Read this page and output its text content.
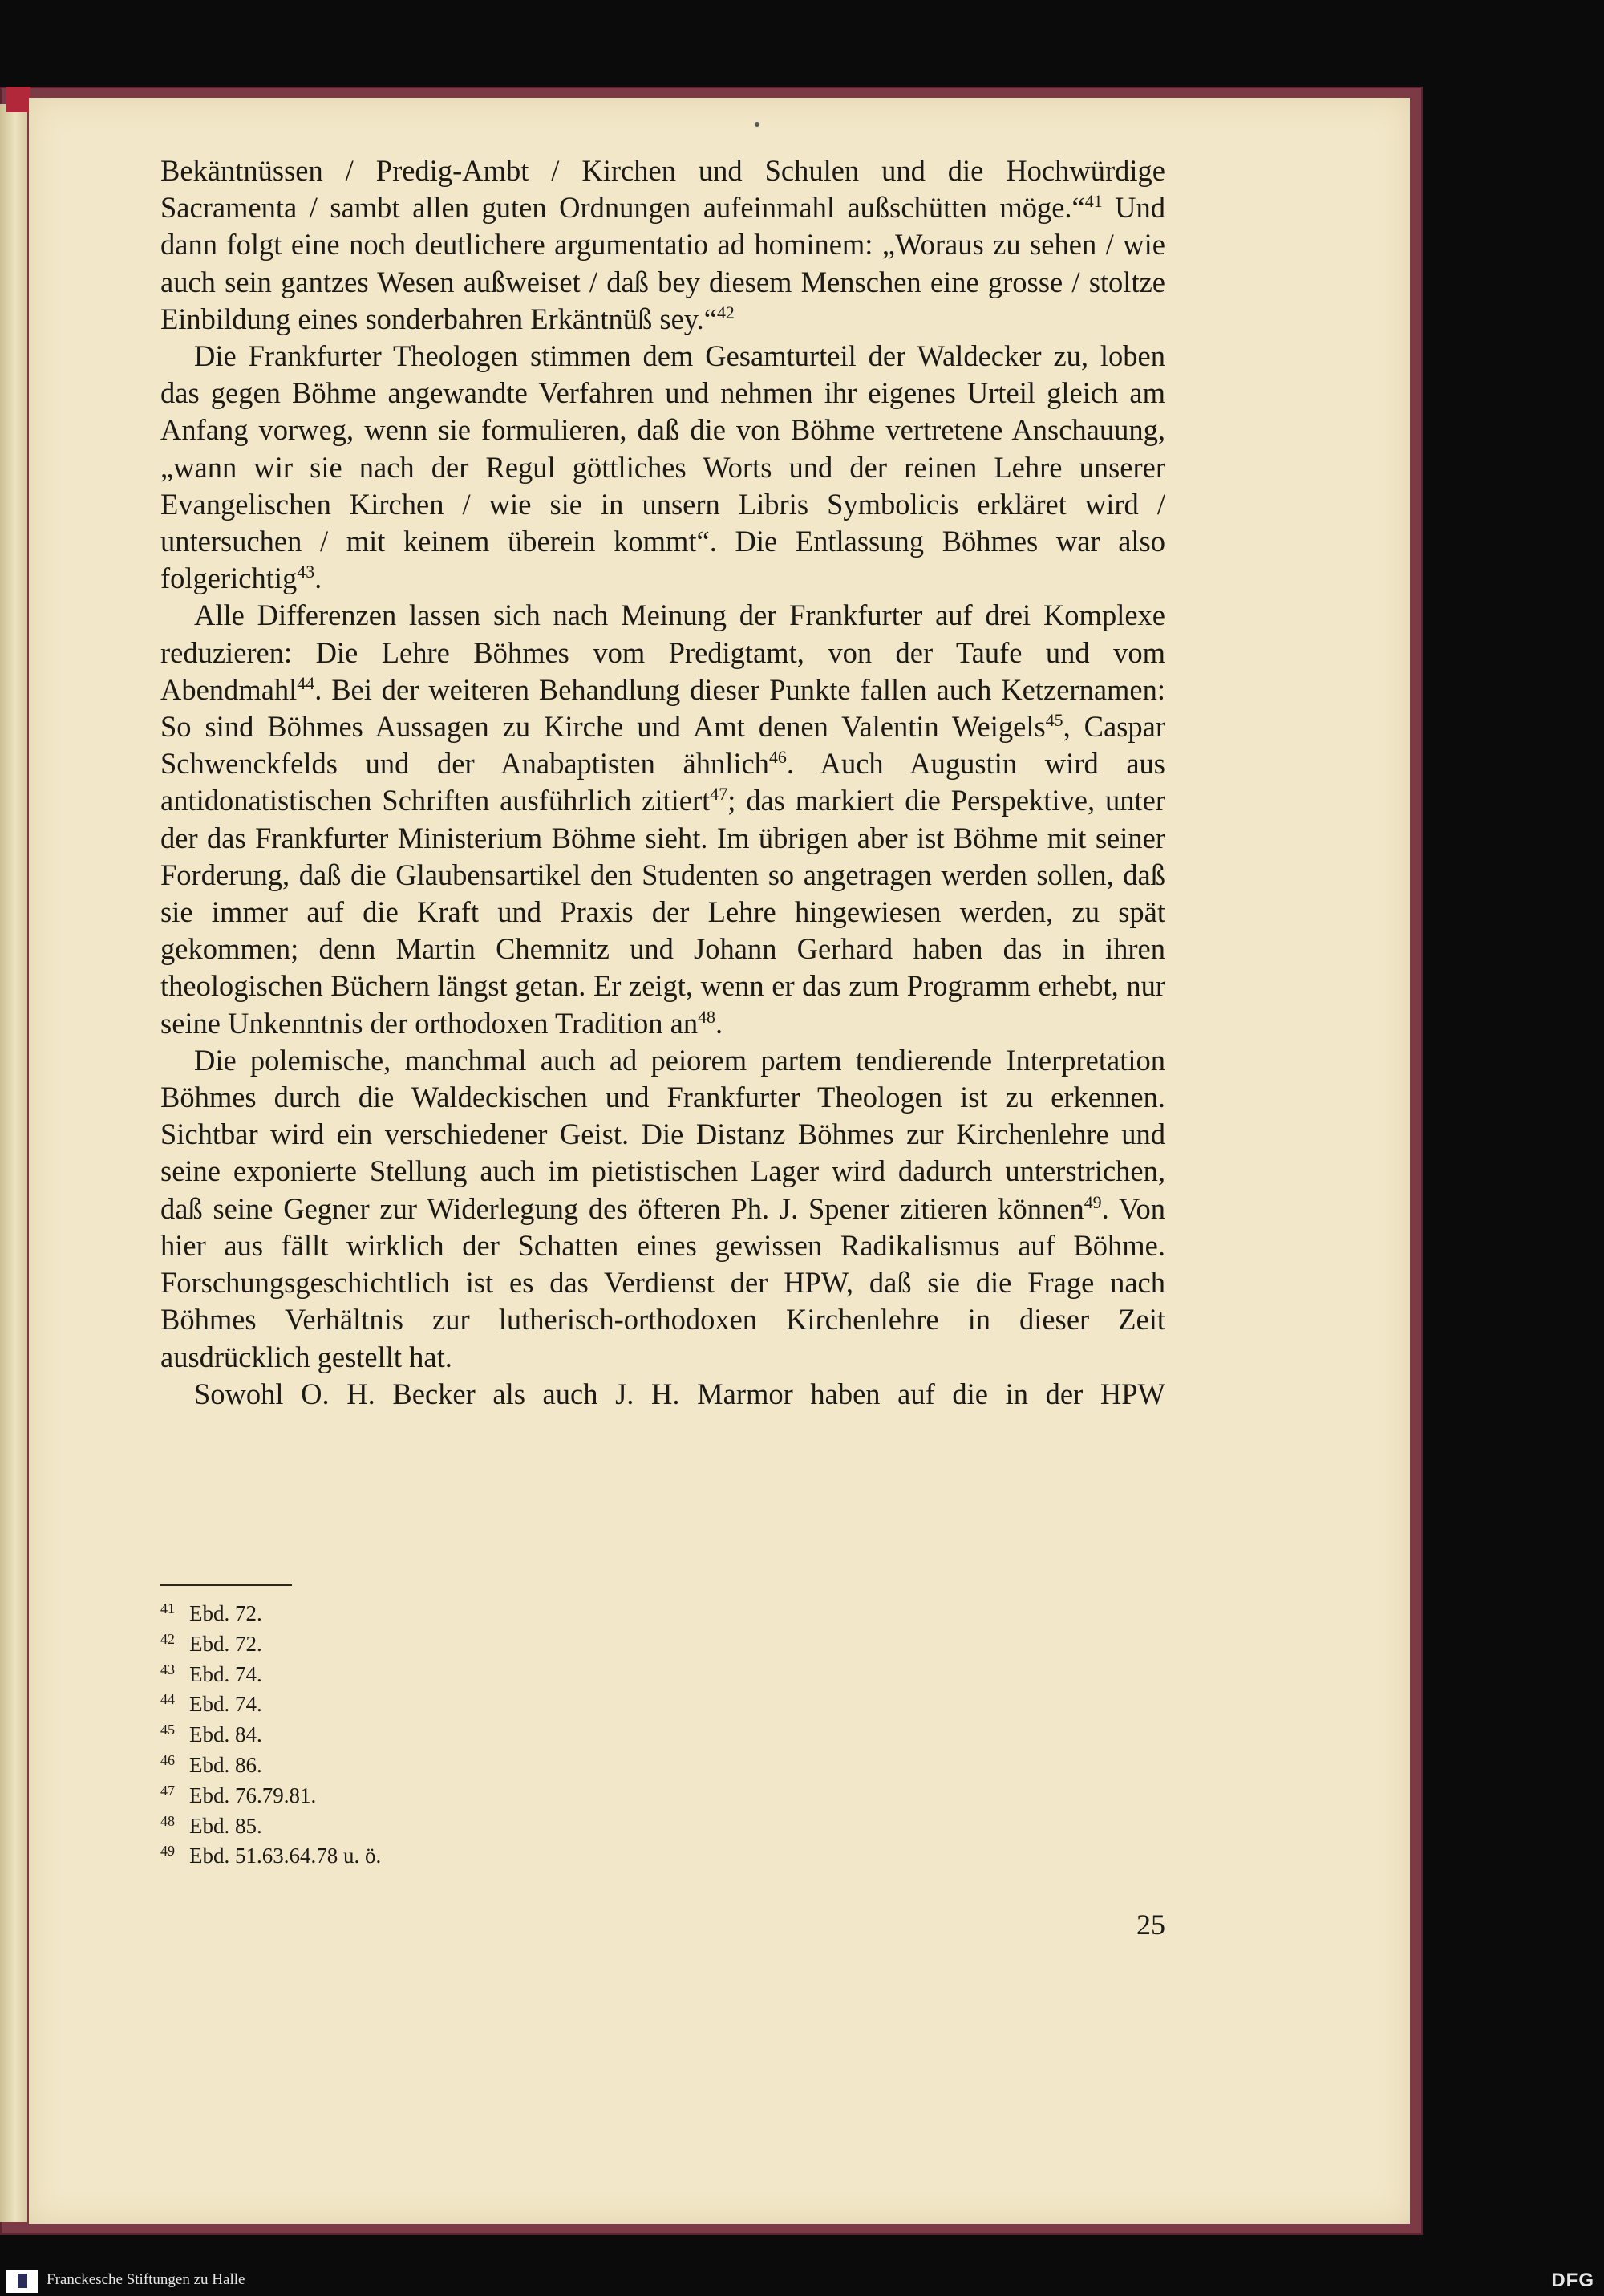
Bekäntnüssen / Predig-Ambt / Kirchen und Schulen und die Hochwürdige Sacramenta / sambt allen guten Ordnungen aufeinmahl außschütten möge.“$^{41}$ Und dann folgt eine noch deutlichere argumentatio ad hominem: „Woraus zu sehen / wie auch sein gantzes Wesen außweiset / daß bey diesem Menschen eine grosse / stoltze Einbildung eines sonderbahren Erkäntnüß sey.“$^{42}$

Die Frankfurter Theologen stimmen dem Gesamturteil der Waldecker zu, loben das gegen Böhme angewandte Verfahren und nehmen ihr eigenes Urteil gleich am Anfang vorweg, wenn sie formulieren, daß die von Böhme vertretene Anschauung, „wann wir sie nach der Regul göttliches Worts und der reinen Lehre unserer Evangelischen Kirchen / wie sie in unsern Libris Symbolicis erkläret wird / untersuchen / mit keinem überein kommt“. Die Entlassung Böhmes war also folgerichtig$^{43}$.

Alle Differenzen lassen sich nach Meinung der Frankfurter auf drei Komplexe reduzieren: Die Lehre Böhmes vom Predigtamt, von der Taufe und vom Abendmahl$^{44}$. Bei der weiteren Behandlung dieser Punkte fallen auch Ketzernamen: So sind Böhmes Aussagen zu Kirche und Amt denen Valentin Weigels$^{45}$, Caspar Schwenckfelds und der Anabaptisten ähnlich$^{46}$. Auch Augustin wird aus antidonatistischen Schriften ausführlich zitiert$^{47}$; das markiert die Perspektive, unter der das Frankfurter Ministerium Böhme sieht. Im übrigen aber ist Böhme mit seiner Forderung, daß die Glaubensartikel den Studenten so angetragen werden sollen, daß sie immer auf die Kraft und Praxis der Lehre hingewiesen werden, zu spät gekommen; denn Martin Chemnitz und Johann Gerhard haben das in ihren theologischen Büchern längst getan. Er zeigt, wenn er das zum Programm erhebt, nur seine Unkenntnis der orthodoxen Tradition $an^{48}$.

Die polemische, manchmal auch ad peiorem partem tendierende Interpretation Böhmes durch die Waldeckischen und Frankfurter Theologen ist zu erkennen. Sichtbar wird ein verschiedener Geist. Die Distanz Böhmes zur Kirchenlehre und seine exponierte Stellung auch im pietistischen Lager wird dadurch unterstrichen, daß seine Gegner zur Widerlegung des öfteren Ph. J. Spener zitieren können$^{49}$. Von hier aus fällt wirklich der Schatten eines gewissen Radikalismus auf Böhme. Forschungsgeschichtlich ist es das Verdienst der HPW, daß sie die Frage nach Böhmes Verhältnis zur lutherisch-orthodoxen Kirchenlehre in dieser Zeit ausdrücklich gestellt hat.

Sowohl O. H. Becker als auch J. H. Marmor haben auf die in der HPW

41 Ebd. 72.
42 Ebd. 72.
43 Ebd. 74.
44 Ebd. 74.
45 Ebd. 84.
46 Ebd. 86.
47 Ebd. 76.79.81.
48 Ebd. 85.
49 Ebd. 51.63.64.78 u. ö.
25
Franckesche Stiftungen zu Halle	DFG
